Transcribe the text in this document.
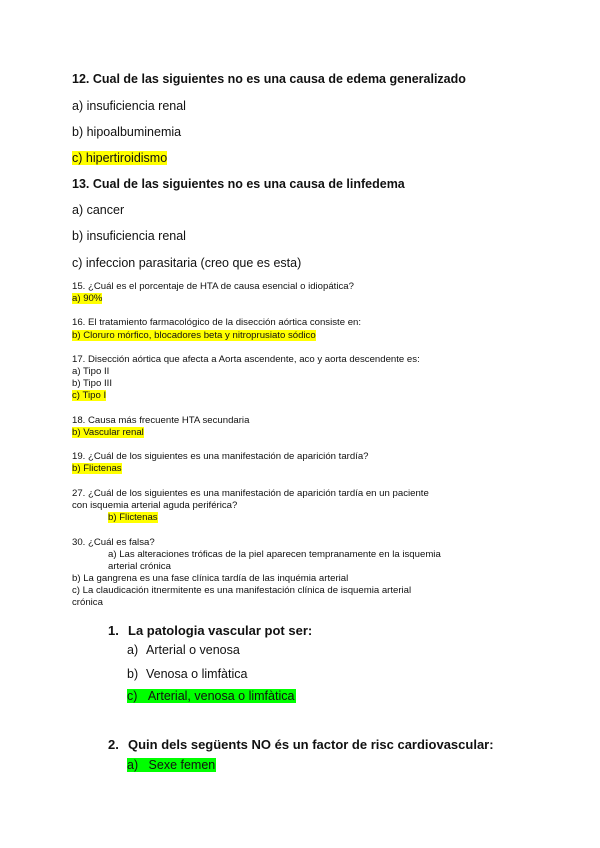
12. Cual de las siguientes no es una causa de edema generalizado
a) insuficiencia renal
b) hipoalbuminemia
c) hipertiroidismo
13. Cual de las siguientes no es una causa de linfedema
a) cancer
b) insuficiencia renal
c) infeccion parasitaria (creo que es esta)
15. ¿Cuál es el porcentaje de HTA de causa esencial o idiopática?
a) 90%
16. El tratamiento farmacológico de la disección aórtica consiste en:
b) Cloruro mórfico, blocadores beta y nitroprusiato sódico
17. Disección aórtica que afecta a Aorta ascendente, aco y aorta descendente es:
a) Tipo II
b) Tipo III
c) Tipo I
18. Causa más frecuente HTA secundaria
b) Vascular renal
19. ¿Cuál de los siguientes es una manifestación de aparición tardía?
b) Flictenas
27. ¿Cuál de los siguientes es una manifestación de aparición tardía en un paciente
con isquemia arterial aguda periférica?
b) Flictenas
30. ¿Cuál es falsa?
a) Las alteraciones tróficas de la piel aparecen tempranamente en la isquemia
arterial crónica
b) La gangrena es una fase clínica tardía de las inquémia arterial
c) La claudicación itnermitente es una manifestación clínica de isquemia arterial
crónica
1. La patologia vascular pot ser:
a) Arterial o venosa
b) Venosa o limfàtica
c) Arterial, venosa o limfàtica
2. Quin dels següents NO és un factor de risc cardiovascular:
a) Sexe femen
